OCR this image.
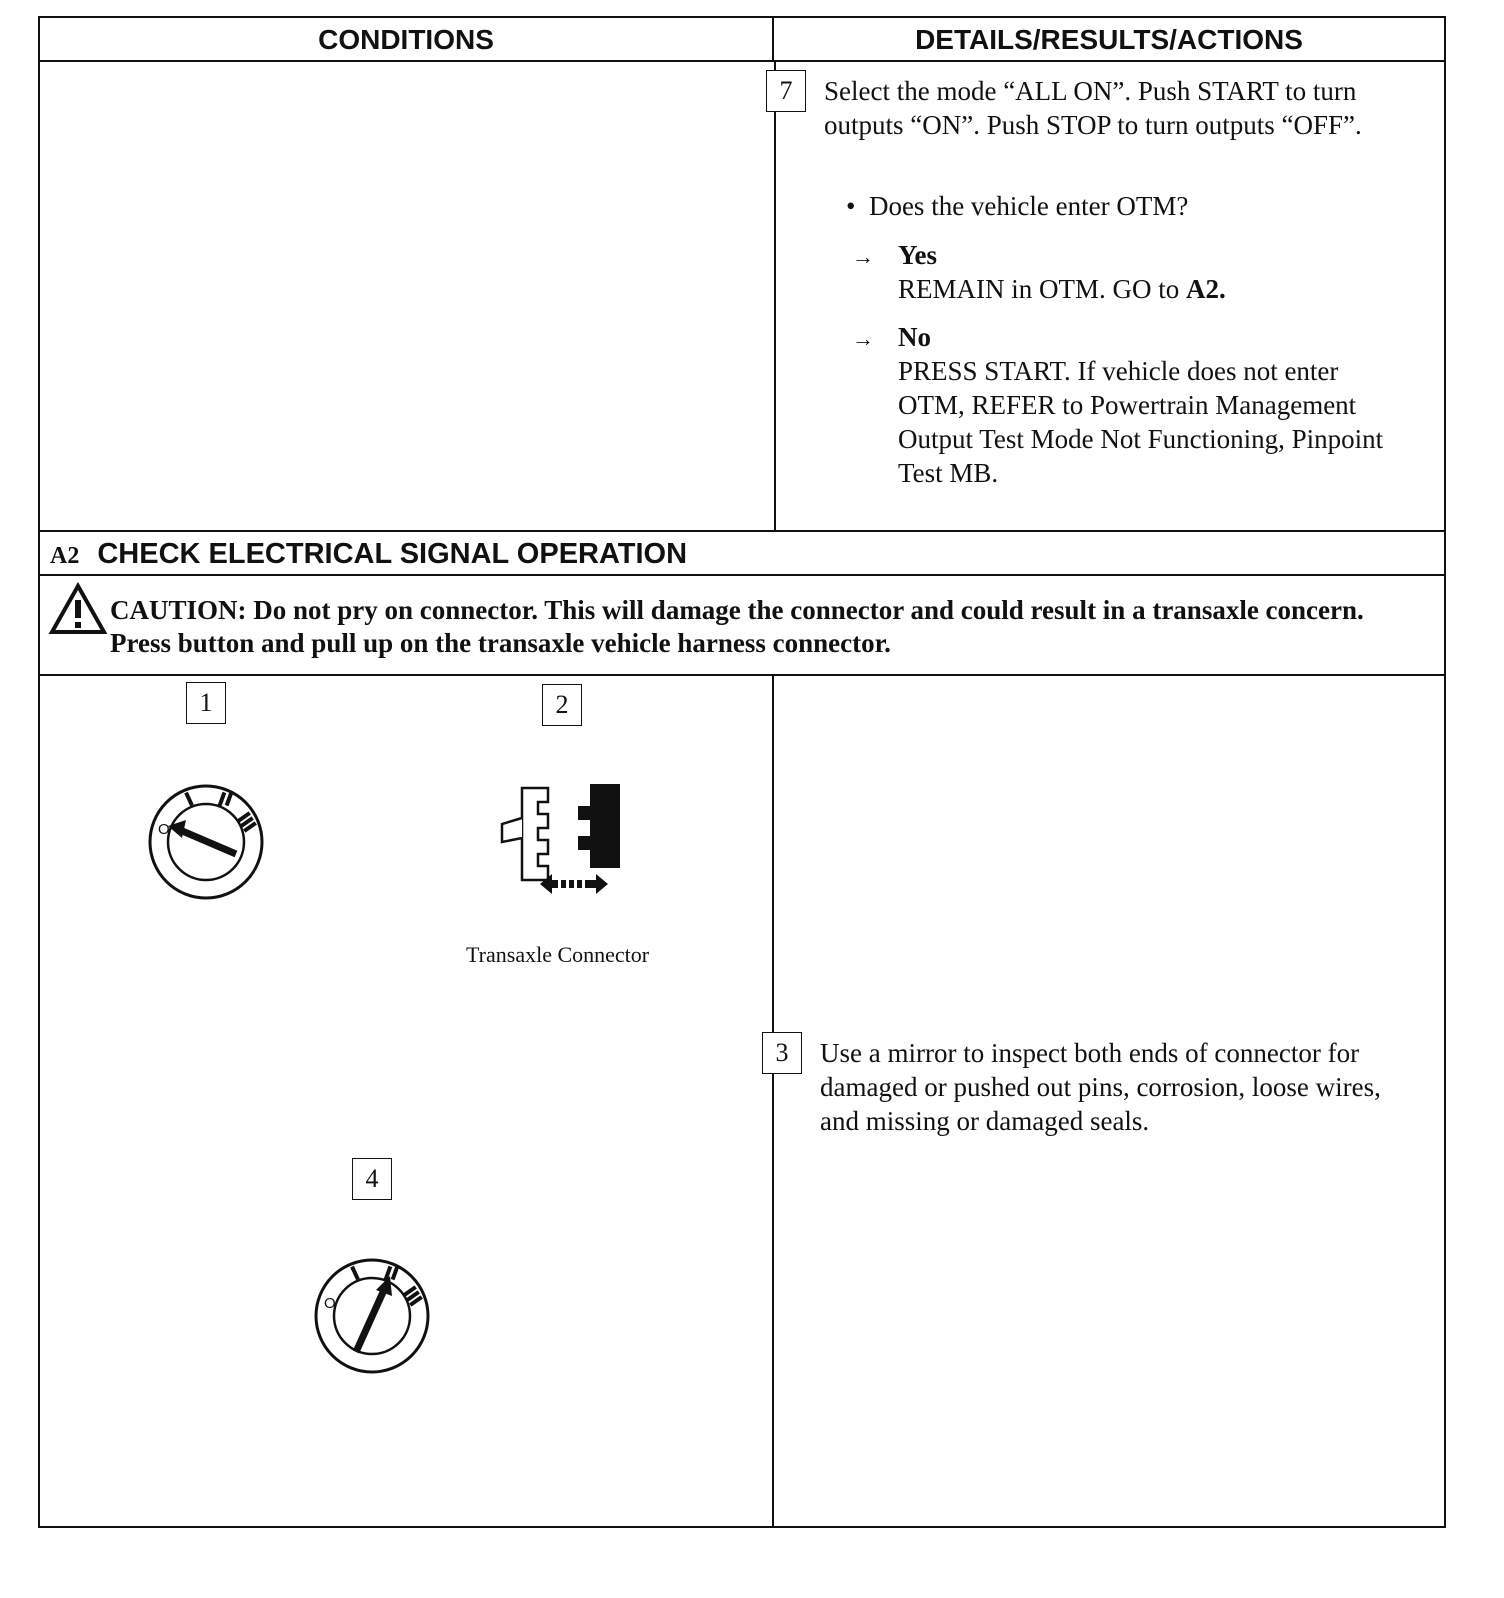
CONDITIONS	DETAILS/RESULTS/ACTIONS
7	Select the mode “ALL ON”. Push START to turn outputs “ON”. Push STOP to turn outputs “OFF”.
•  Does the vehicle enter OTM?
→ Yes
REMAIN in OTM. GO to A2.
→ No
PRESS START. If vehicle does not enter OTM, REFER to Powertrain Management Output Test Mode Not Functioning, Pinpoint Test MB.
A2 CHECK ELECTRICAL SIGNAL OPERATION
CAUTION: Do not pry on connector. This will damage the connector and could result in a transaxle concern. Press button and pull up on the transaxle vehicle harness connector.
1
O
2
Transaxle Connector
3	Use a mirror to inspect both ends of connector for damaged or pushed out pins, corrosion, loose wires, and missing or damaged seals.
4
O
